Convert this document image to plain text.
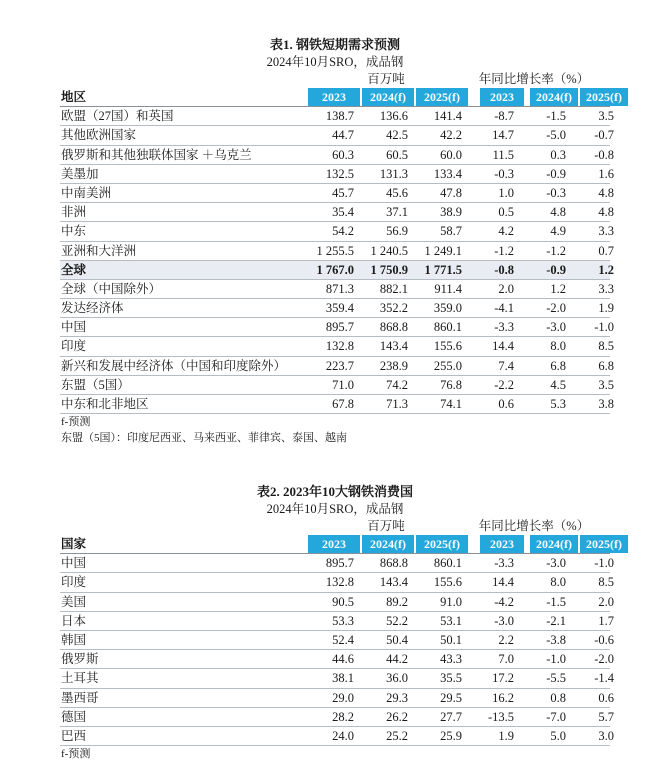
表1. 钢铁短期需求预测
2024年10月SRO，成品钢
百万吨	年同比增长率（%）
地区	2023	2024(f)	2025(f)	2023	2024(f)	2025(f)
欧盟（27国）和英国	138.7	136.6	141.4	-8.7	-1.5	3.5
其他欧洲国家	44.7	42.5	42.2	14.7	-5.0	-0.7
俄罗斯和其他独联体国家 ＋乌克兰	60.3	60.5	60.0	11.5	0.3	-0.8
美墨加	132.5	131.3	133.4	-0.3	-0.9	1.6
中南美洲	45.7	45.6	47.8	1.0	-0.3	4.8
非洲	35.4	37.1	38.9	0.5	4.8	4.8
中东	54.2	56.9	58.7	4.2	4.9	3.3
亚洲和大洋洲	1 255.5	1 240.5	1 249.1	-1.2	-1.2	0.7
全球	1 767.0	1 750.9	1 771.5	-0.8	-0.9	1.2
全球（中国除外）	871.3	882.1	911.4	2.0	1.2	3.3
发达经济体	359.4	352.2	359.0	-4.1	-2.0	1.9
中国	895.7	868.8	860.1	-3.3	-3.0	-1.0
印度	132.8	143.4	155.6	14.4	8.0	8.5
新兴和发展中经济体（中国和印度除外）	223.7	238.9	255.0	7.4	6.8	6.8
东盟（5国）	71.0	74.2	76.8	-2.2	4.5	3.5
中东和北非地区	67.8	71.3	74.1	0.6	5.3	3.8
f-预测
东盟（5国）：印度尼西亚、马来西亚、菲律宾、泰国、越南
表2. 2023年10大钢铁消费国
2024年10月SRO，成品钢
百万吨	年同比增长率（%）
国家	2023	2024(f)	2025(f)	2023	2024(f)	2025(f)
中国	895.7	868.8	860.1	-3.3	-3.0	-1.0
印度	132.8	143.4	155.6	14.4	8.0	8.5
美国	90.5	89.2	91.0	-4.2	-1.5	2.0
日本	53.3	52.2	53.1	-3.0	-2.1	1.7
韩国	52.4	50.4	50.1	2.2	-3.8	-0.6
俄罗斯	44.6	44.2	43.3	7.0	-1.0	-2.0
土耳其	38.1	36.0	35.5	17.2	-5.5	-1.4
墨西哥	29.0	29.3	29.5	16.2	0.8	0.6
德国	28.2	26.2	27.7	-13.5	-7.0	5.7
巴西	24.0	25.2	25.9	1.9	5.0	3.0
f-预测
